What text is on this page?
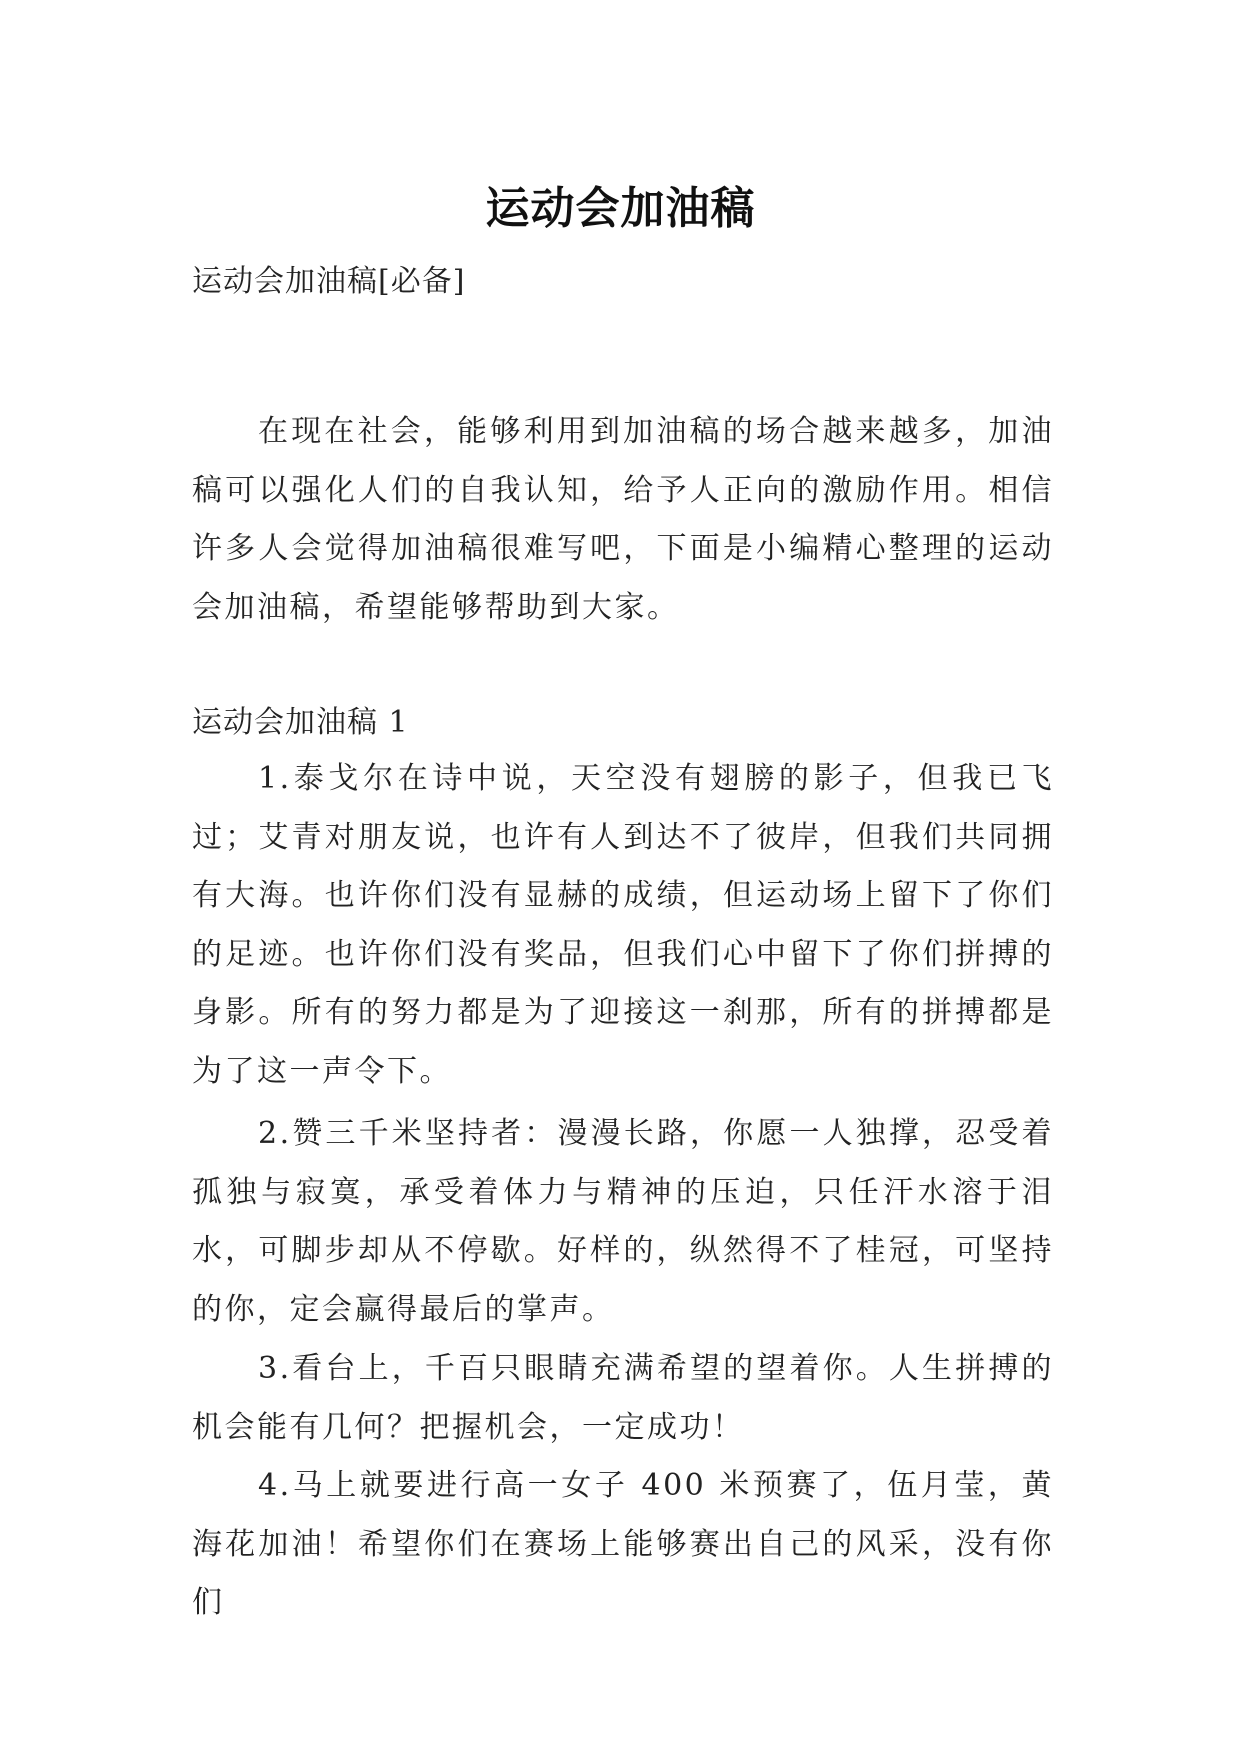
运动会加油稿
运动会加油稿[必备]

在现在社会，能够利用到加油稿的场合越来越多，加油稿可以强化人们的自我认知，给予人正向的激励作用。相信许多人会觉得加油稿很难写吧，下面是小编精心整理的运动会加油稿，希望能够帮助到大家。

运动会加油稿 1

1.泰戈尔在诗中说，天空没有翅膀的影子，但我已飞过；艾青对朋友说，也许有人到达不了彼岸，但我们共同拥有大海。也许你们没有显赫的成绩，但运动场上留下了你们的足迹。也许你们没有奖品，但我们心中留下了你们拼搏的身影。所有的努力都是为了迎接这一刹那，所有的拼搏都是为了这一声令下。

2.赞三千米坚持者：漫漫长路，你愿一人独撑，忍受着孤独与寂寞，承受着体力与精神的压迫，只任汗水溶于泪水，可脚步却从不停歇。好样的，纵然得不了桂冠，可坚持的你，定会赢得最后的掌声。

3.看台上，千百只眼睛充满希望的望着你。人生拼搏的机会能有几何？把握机会，一定成功！

4.马上就要进行高一女子 400 米预赛了，伍月莹，黄海花加油！希望你们在赛场上能够赛出自己的风采，没有你们
